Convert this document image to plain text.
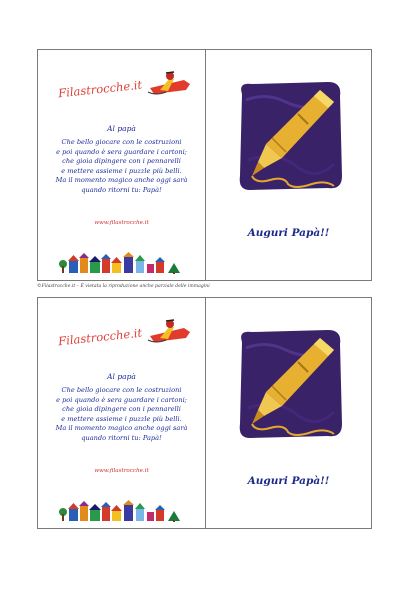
Filastrocche.it
Al papà
Che bello giocare con le costruzioni
e poi quando è sera guardare i cartoni;
che gioia dipingere con i pennarelli
e mettere assieme i puzzle più belli.
Ma il momento magico anche oggi sarà
quando ritorni tu: Papà!
www.filastrocche.it
Auguri Papà!!
©Filastrocche.it – È vietata la riproduzione anche parziale delle immagini
Filastrocche.it
Al papà
Che bello giocare con le costruzioni
e poi quando è sera guardare i cartoni;
che gioia dipingere con i pennarelli
e mettere assieme i puzzle più belli.
Ma il momento magico anche oggi sarà
quando ritorni tu: Papà!
www.filastrocche.it
Auguri Papà!!
